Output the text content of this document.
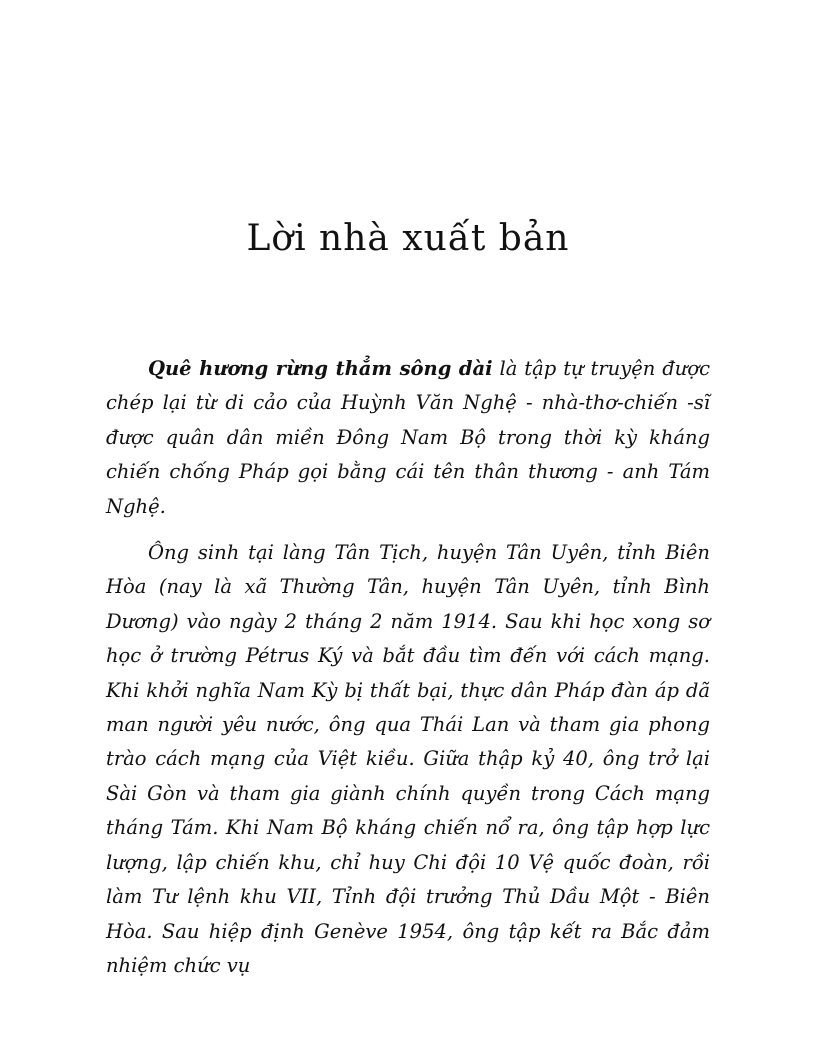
Lời nhà xuất bản

Quê hương rừng thẳm sông dài là tập tự truyện được chép lại từ di cảo của Huỳnh Văn Nghệ - nhà-thơ-chiến -sĩ được quân dân miền Đông Nam Bộ trong thời kỳ kháng chiến chống Pháp gọi bằng cái tên thân thương - anh Tám Nghệ.

Ông sinh tại làng Tân Tịch, huyện Tân Uyên, tỉnh Biên Hòa (nay là xã Thường Tân, huyện Tân Uyên, tỉnh Bình Dương) vào ngày 2 tháng 2 năm 1914. Sau khi học xong sơ học ở trường Pétrus Ký và bắt đầu tìm đến với cách mạng. Khi khởi nghĩa Nam Kỳ bị thất bại, thực dân Pháp đàn áp dã man người yêu nước, ông qua Thái Lan và tham gia phong trào cách mạng của Việt kiều. Giữa thập kỷ 40, ông trở lại Sài Gòn và tham gia giành chính quyền trong Cách mạng tháng Tám. Khi Nam Bộ kháng chiến nổ ra, ông tập hợp lực lượng, lập chiến khu, chỉ huy Chi đội 10 Vệ quốc đoàn, rồi làm Tư lệnh khu VII, Tỉnh đội trưởng Thủ Dầu Một - Biên Hòa. Sau hiệp định Genève 1954, ông tập kết ra Bắc đảm nhiệm chức vụ
